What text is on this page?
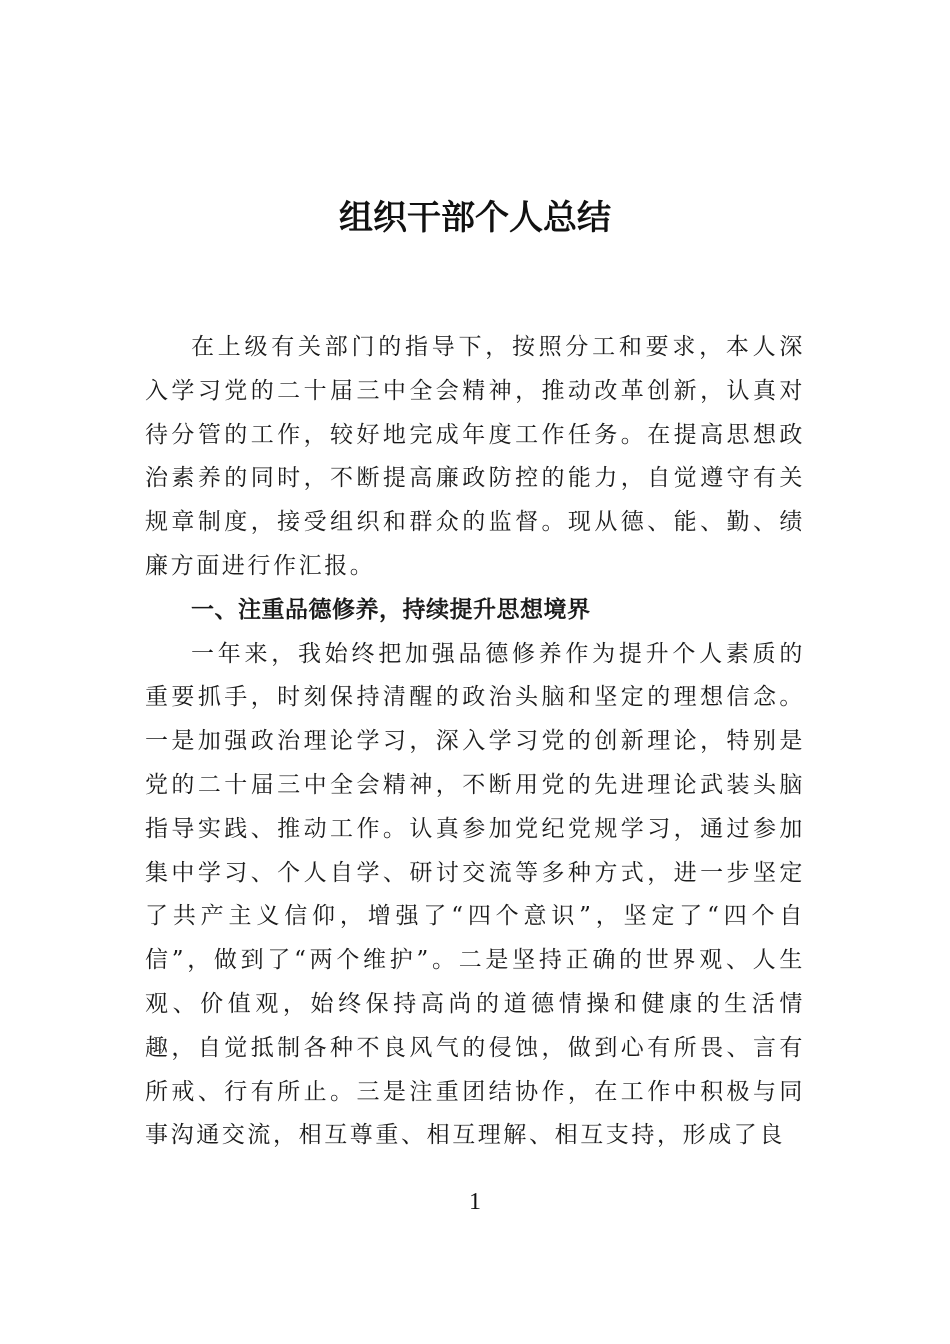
组织干部个人总结

在上级有关部门的指导下，按照分工和要求，本人深入学习党的二十届三中全会精神，推动改革创新，认真对待分管的工作，较好地完成年度工作任务。在提高思想政治素养的同时，不断提高廉政防控的能力，自觉遵守有关规章制度，接受组织和群众的监督。现从德、能、勤、绩廉方面进行作汇报。

一、注重品德修养，持续提升思想境界

一年来，我始终把加强品德修养作为提升个人素质的重要抓手，时刻保持清醒的政治头脑和坚定的理想信念。一是加强政治理论学习，深入学习党的创新理论，特别是党的二十届三中全会精神，不断用党的先进理论武装头脑指导实践、推动工作。认真参加党纪党规学习，通过参加集中学习、个人自学、研讨交流等多种方式，进一步坚定了共产主义信仰，增强了“四个意识”，坚定了“四个自信”，做到了“两个维护”。二是坚持正确的世界观、人生观、价值观，始终保持高尚的道德情操和健康的生活情趣，自觉抵制各种不良风气的侵蚀，做到心有所畏、言有所戒、行有所止。三是注重团结协作，在工作中积极与同事沟通交流，相互尊重、相互理解、相互支持，形成了良

1
